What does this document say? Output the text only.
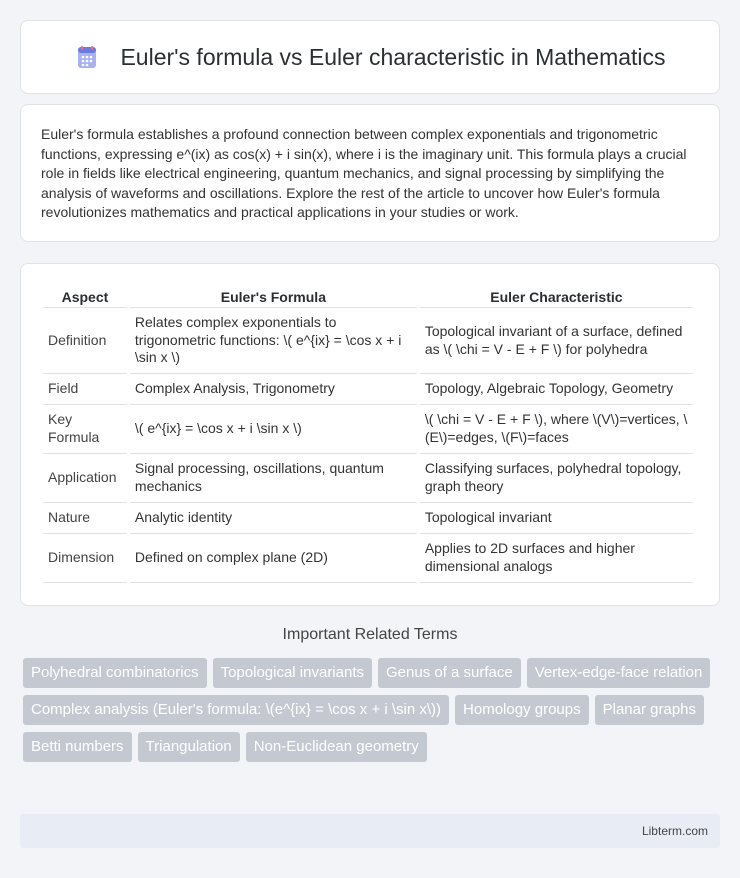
Euler's formula vs Euler characteristic in Mathematics

Euler's formula establishes a profound connection between complex exponentials and trigonometric functions, expressing e^(ix) as cos(x) + i sin(x), where i is the imaginary unit. This formula plays a crucial role in fields like electrical engineering, quantum mechanics, and signal processing by simplifying the analysis of waveforms and oscillations. Explore the rest of the article to uncover how Euler's formula revolutionizes mathematics and practical applications in your studies or work.

Aspect	Euler's Formula	Euler Characteristic
Definition	Relates complex exponentials to trigonometric functions: \( e^{ix} = \cos x + i \sin x \)	Topological invariant of a surface, defined as \( \chi = V - E + F \) for polyhedra
Field	Complex Analysis, Trigonometry	Topology, Algebraic Topology, Geometry
Key Formula	\( e^{ix} = \cos x + i \sin x \)	\( \chi = V - E + F \), where \(V\)=vertices, \(E\)=edges, \(F\)=faces
Application	Signal processing, oscillations, quantum mechanics	Classifying surfaces, polyhedral topology, graph theory
Nature	Analytic identity	Topological invariant
Dimension	Defined on complex plane (2D)	Applies to 2D surfaces and higher dimensional analogs
Important Related Terms
Polyhedral combinatorics	Topological invariants	Genus of a surface	Vertex-edge-face relation
Complex analysis (Euler's formula: \(e^{ix} = \cos x + i \sin x\))	Homology groups	Planar graphs
Betti numbers	Triangulation	Non-Euclidean geometry
Libterm.com
